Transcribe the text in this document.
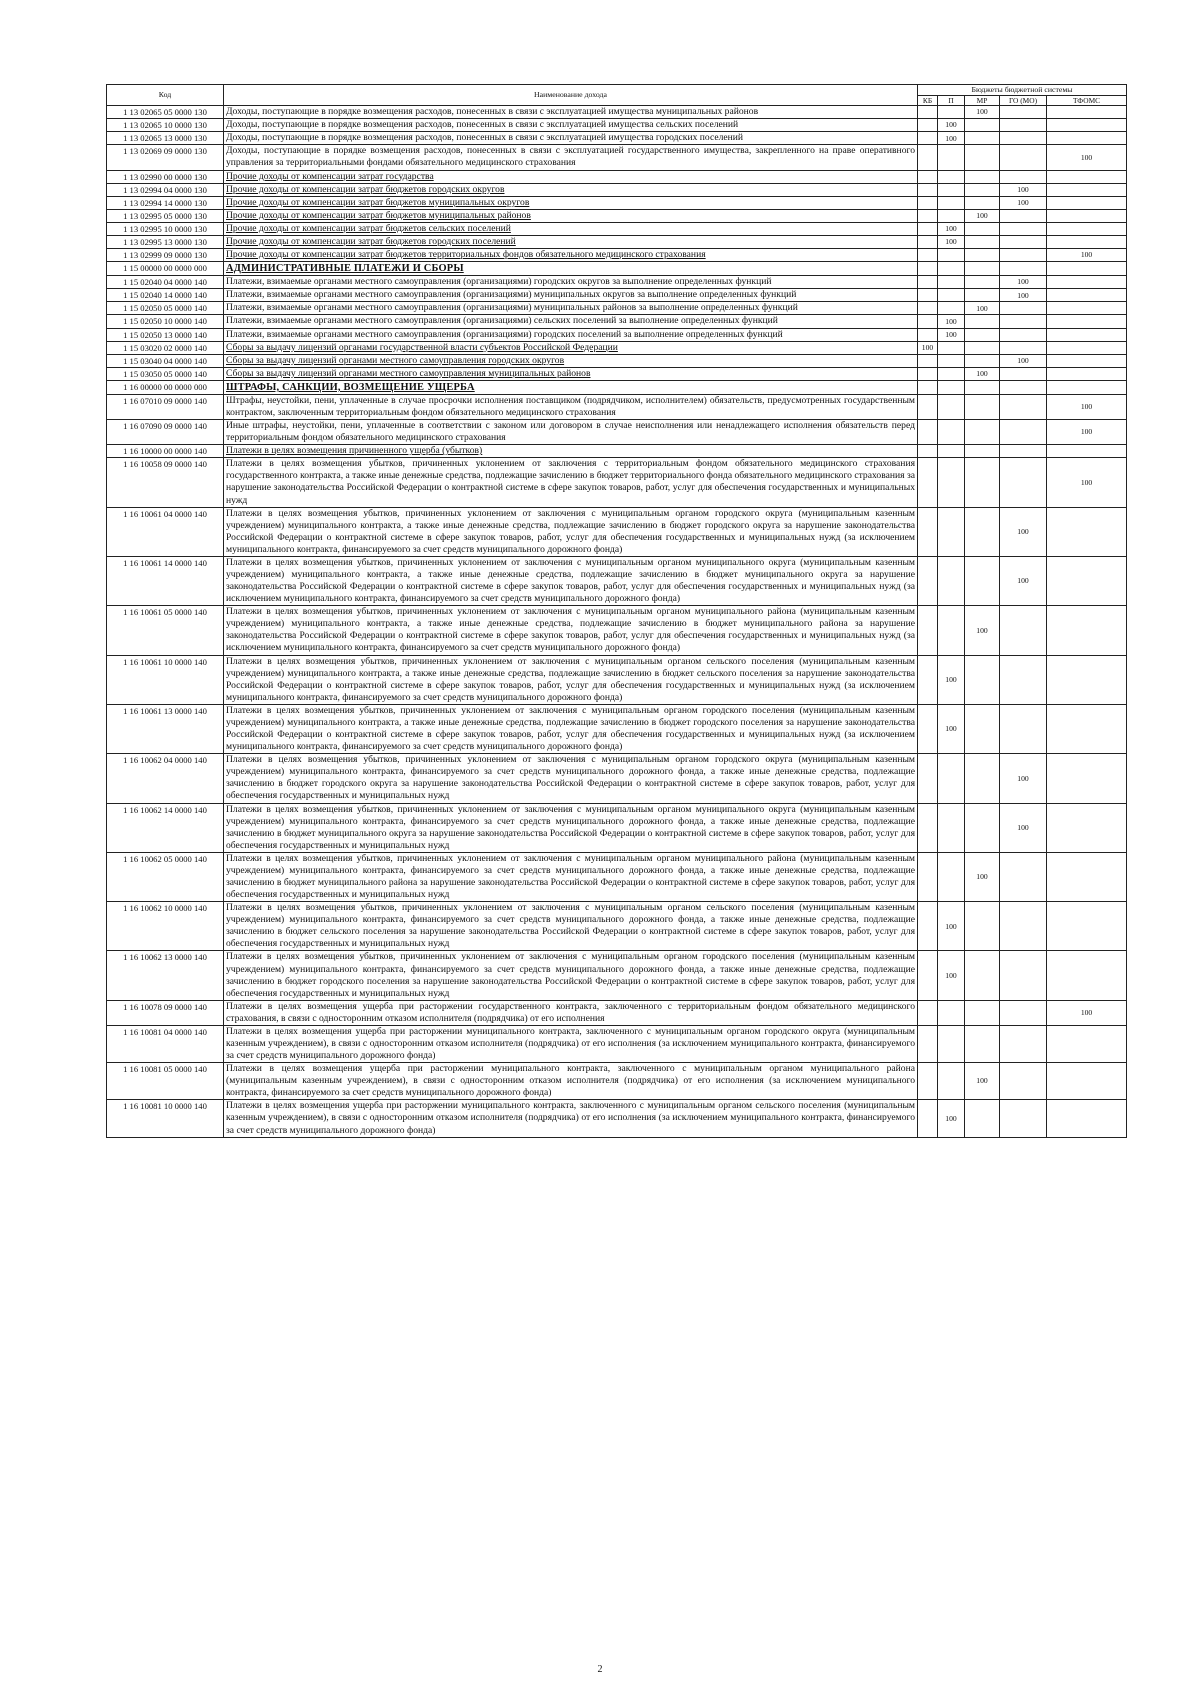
Код	Наименование дохода	Бюджеты бюджетной системы				
		КБ	П	МР	ГО (МО)	ТФОМС
1 13 02065 05 0000 130	Доходы, поступающие в порядке возмещения расходов, понесенных в связи с эксплуатацией имущества муниципальных районов			100		
1 13 02065 10 0000 130	Доходы, поступающие в порядке возмещения расходов, понесенных в связи с эксплуатацией имущества сельских поселений		100			
1 13 02065 13 0000 130	Доходы, поступающие в порядке возмещения расходов, понесенных в связи с эксплуатацией имущества городских поселений		100			
1 13 02069 09 0000 130	Доходы, поступающие в порядке возмещения расходов, понесенных в связи с эксплуатацией государственного имущества, закрепленного на праве оперативного управления за территориальными фондами обязательного медицинского страхования					100
1 13 02990 00 0000 130	Прочие доходы от компенсации затрат государства					
1 13 02994 04 0000 130	Прочие доходы от компенсации затрат бюджетов городских округов				100	
1 13 02994 14 0000 130	Прочие доходы от компенсации затрат бюджетов муниципальных округов				100	
1 13 02995 05 0000 130	Прочие доходы от компенсации затрат бюджетов муниципальных районов			100		
1 13 02995 10 0000 130	Прочие доходы от компенсации затрат бюджетов сельских поселений		100			
1 13 02995 13 0000 130	Прочие доходы от компенсации затрат бюджетов городских поселений		100			
1 13 02999 09 0000 130	Прочие доходы от компенсации затрат бюджетов территориальных фондов обязательного медицинского страхования					100
1 15 00000 00 0000 000	АДМИНИСТРАТИВНЫЕ ПЛАТЕЖИ И СБОРЫ					
1 15 02040 04 0000 140	Платежи, взимаемые органами местного самоуправления (организациями) городских округов за выполнение определенных функций				100	
1 15 02040 14 0000 140	Платежи, взимаемые органами местного самоуправления (организациями) муниципальных округов за выполнение определенных функций				100	
1 15 02050 05 0000 140	Платежи, взимаемые органами местного самоуправления (организациями) муниципальных районов за выполнение определенных функций			100		
1 15 02050 10 0000 140	Платежи, взимаемые органами местного самоуправления (организациями) сельских поселений за выполнение определенных функций		100			
1 15 02050 13 0000 140	Платежи, взимаемые органами местного самоуправления (организациями) городских поселений за выполнение определенных функций		100			
1 15 03020 02 0000 140	Сборы за выдачу лицензий органами государственной власти субъектов Российской Федерации	100				
1 15 03040 04 0000 140	Сборы за выдачу лицензий органами местного самоуправления городских округов				100	
1 15 03050 05 0000 140	Сборы за выдачу лицензий органами местного самоуправления муниципальных районов			100		
1 16 00000 00 0000 000	ШТРАФЫ, САНКЦИИ, ВОЗМЕЩЕНИЕ УЩЕРБА					
1 16 07010 09 0000 140	Штрафы, неустойки, пени, уплаченные в случае просрочки исполнения поставщиком (подрядчиком, исполнителем) обязательств, предусмотренных государственным контрактом, заключенным территориальным фондом обязательного медицинского страхования					100
1 16 07090 09 0000 140	Иные штрафы, неустойки, пени, уплаченные в соответствии с законом или договором в случае неисполнения или ненадлежащего исполнения обязательств перед территориальным фондом обязательного медицинского страхования					100
1 16 10000 00 0000 140	Платежи в целях возмещения причиненного ущерба (убытков)					
1 16 10058 09 0000 140	Платежи в целях возмещения убытков, причиненных уклонением от заключения с территориальным фондом обязательного медицинского страхования государственного контракта, а также иные денежные средства, подлежащие зачислению в бюджет территориального фонда обязательного медицинского страхования за нарушение законодательства Российской Федерации о контрактной системе в сфере закупок товаров, работ, услуг для обеспечения государственных и муниципальных нужд					100
1 16 10061 04 0000 140	Платежи в целях возмещения убытков, причиненных уклонением от заключения с муниципальным органом городского округа (муниципальным казенным учреждением) муниципального контракта, а также иные денежные средства, подлежащие зачислению в бюджет городского округа за нарушение законодательства Российской Федерации о контрактной системе в сфере закупок товаров, работ, услуг для обеспечения государственных и муниципальных нужд (за исключением муниципального контракта, финансируемого за счет средств муниципального дорожного фонда)				100	
1 16 10061 14 0000 140	Платежи в целях возмещения убытков, причиненных уклонением от заключения с муниципальным органом муниципального округа (муниципальным казенным учреждением) муниципального контракта, а также иные денежные средства, подлежащие зачислению в бюджет муниципального округа за нарушение законодательства Российской Федерации о контрактной системе в сфере закупок товаров, работ, услуг для обеспечения государственных и муниципальных нужд (за исключением муниципального контракта, финансируемого за счет средств муниципального дорожного фонда)				100	
1 16 10061 05 0000 140	Платежи в целях возмещения убытков, причиненных уклонением от заключения с муниципальным органом муниципального района (муниципальным казенным учреждением) муниципального контракта, а также иные денежные средства, подлежащие зачислению в бюджет муниципального района за нарушение законодательства Российской Федерации о контрактной системе в сфере закупок товаров, работ, услуг для обеспечения государственных и муниципальных нужд (за исключением муниципального контракта, финансируемого за счет средств муниципального дорожного фонда)			100		
1 16 10061 10 0000 140	Платежи в целях возмещения убытков, причиненных уклонением от заключения с муниципальным органом сельского поселения (муниципальным казенным учреждением) муниципального контракта, а также иные денежные средства, подлежащие зачислению в бюджет сельского поселения за нарушение законодательства Российской Федерации о контрактной системе в сфере закупок товаров, работ, услуг для обеспечения государственных и муниципальных нужд (за исключением муниципального контракта, финансируемого за счет средств муниципального дорожного фонда)		100			
1 16 10061 13 0000 140	Платежи в целях возмещения убытков, причиненных уклонением от заключения с муниципальным органом городского поселения (муниципальным казенным учреждением) муниципального контракта, а также иные денежные средства, подлежащие зачислению в бюджет городского поселения за нарушение законодательства Российской Федерации о контрактной системе в сфере закупок товаров, работ, услуг для обеспечения государственных и муниципальных нужд (за исключением муниципального контракта, финансируемого за счет средств муниципального дорожного фонда)		100			
1 16 10062 04 0000 140	Платежи в целях возмещения убытков, причиненных уклонением от заключения с муниципальным органом городского округа (муниципальным казенным учреждением) муниципального контракта, финансируемого за счет средств муниципального дорожного фонда, а также иные денежные средства, подлежащие зачислению в бюджет городского округа за нарушение законодательства Российской Федерации о контрактной системе в сфере закупок товаров, работ, услуг для обеспечения государственных и муниципальных нужд				100	
1 16 10062 14 0000 140	Платежи в целях возмещения убытков, причиненных уклонением от заключения с муниципальным органом муниципального округа (муниципальным казенным учреждением) муниципального контракта, финансируемого за счет средств муниципального дорожного фонда, а также иные денежные средства, подлежащие зачислению в бюджет муниципального округа за нарушение законодательства Российской Федерации о контрактной системе в сфере закупок товаров, работ, услуг для обеспечения государственных и муниципальных нужд				100	
1 16 10062 05 0000 140	Платежи в целях возмещения убытков, причиненных уклонением от заключения с муниципальным органом муниципального района (муниципальным казенным учреждением) муниципального контракта, финансируемого за счет средств муниципального дорожного фонда, а также иные денежные средства, подлежащие зачислению в бюджет муниципального района за нарушение законодательства Российской Федерации о контрактной системе в сфере закупок товаров, работ, услуг для обеспечения государственных и муниципальных нужд			100		
1 16 10062 10 0000 140	Платежи в целях возмещения убытков, причиненных уклонением от заключения с муниципальным органом сельского поселения (муниципальным казенным учреждением) муниципального контракта, финансируемого за счет средств муниципального дорожного фонда, а также иные денежные средства, подлежащие зачислению в бюджет сельского поселения за нарушение законодательства Российской Федерации о контрактной системе в сфере закупок товаров, работ, услуг для обеспечения государственных и муниципальных нужд		100			
1 16 10062 13 0000 140	Платежи в целях возмещения убытков, причиненных уклонением от заключения с муниципальным органом городского поселения (муниципальным казенным учреждением) муниципального контракта, финансируемого за счет средств муниципального дорожного фонда, а также иные денежные средства, подлежащие зачислению в бюджет городского поселения за нарушение законодательства Российской Федерации о контрактной системе в сфере закупок товаров, работ, услуг для обеспечения государственных и муниципальных нужд		100			
1 16 10078 09 0000 140	Платежи в целях возмещения ущерба при расторжении государственного контракта, заключенного с территориальным фондом обязательного медицинского страхования, в связи с односторонним отказом исполнителя (подрядчика) от его исполнения					100
1 16 10081 04 0000 140	Платежи в целях возмещения ущерба при расторжении муниципального контракта, заключенного с муниципальным органом городского округа (муниципальным казенным учреждением), в связи с односторонним отказом исполнителя (подрядчика) от его исполнения (за исключением муниципального контракта, финансируемого за счет средств муниципального дорожного фонда)					
1 16 10081 05 0000 140	Платежи в целях возмещения ущерба при расторжении муниципального контракта, заключенного с муниципальным органом муниципального района (муниципальным казенным учреждением), в связи с односторонним отказом исполнителя (подрядчика) от его исполнения (за исключением муниципального контракта, финансируемого за счет средств муниципального дорожного фонда)			100		
1 16 10081 10 0000 140	Платежи в целях возмещения ущерба при расторжении муниципального контракта, заключенного с муниципальным органом сельского поселения (муниципальным казенным учреждением), в связи с односторонним отказом исполнителя (подрядчика) от его исполнения (за исключением муниципального контракта, финансируемого за счет средств муниципального дорожного фонда)		100			
2
